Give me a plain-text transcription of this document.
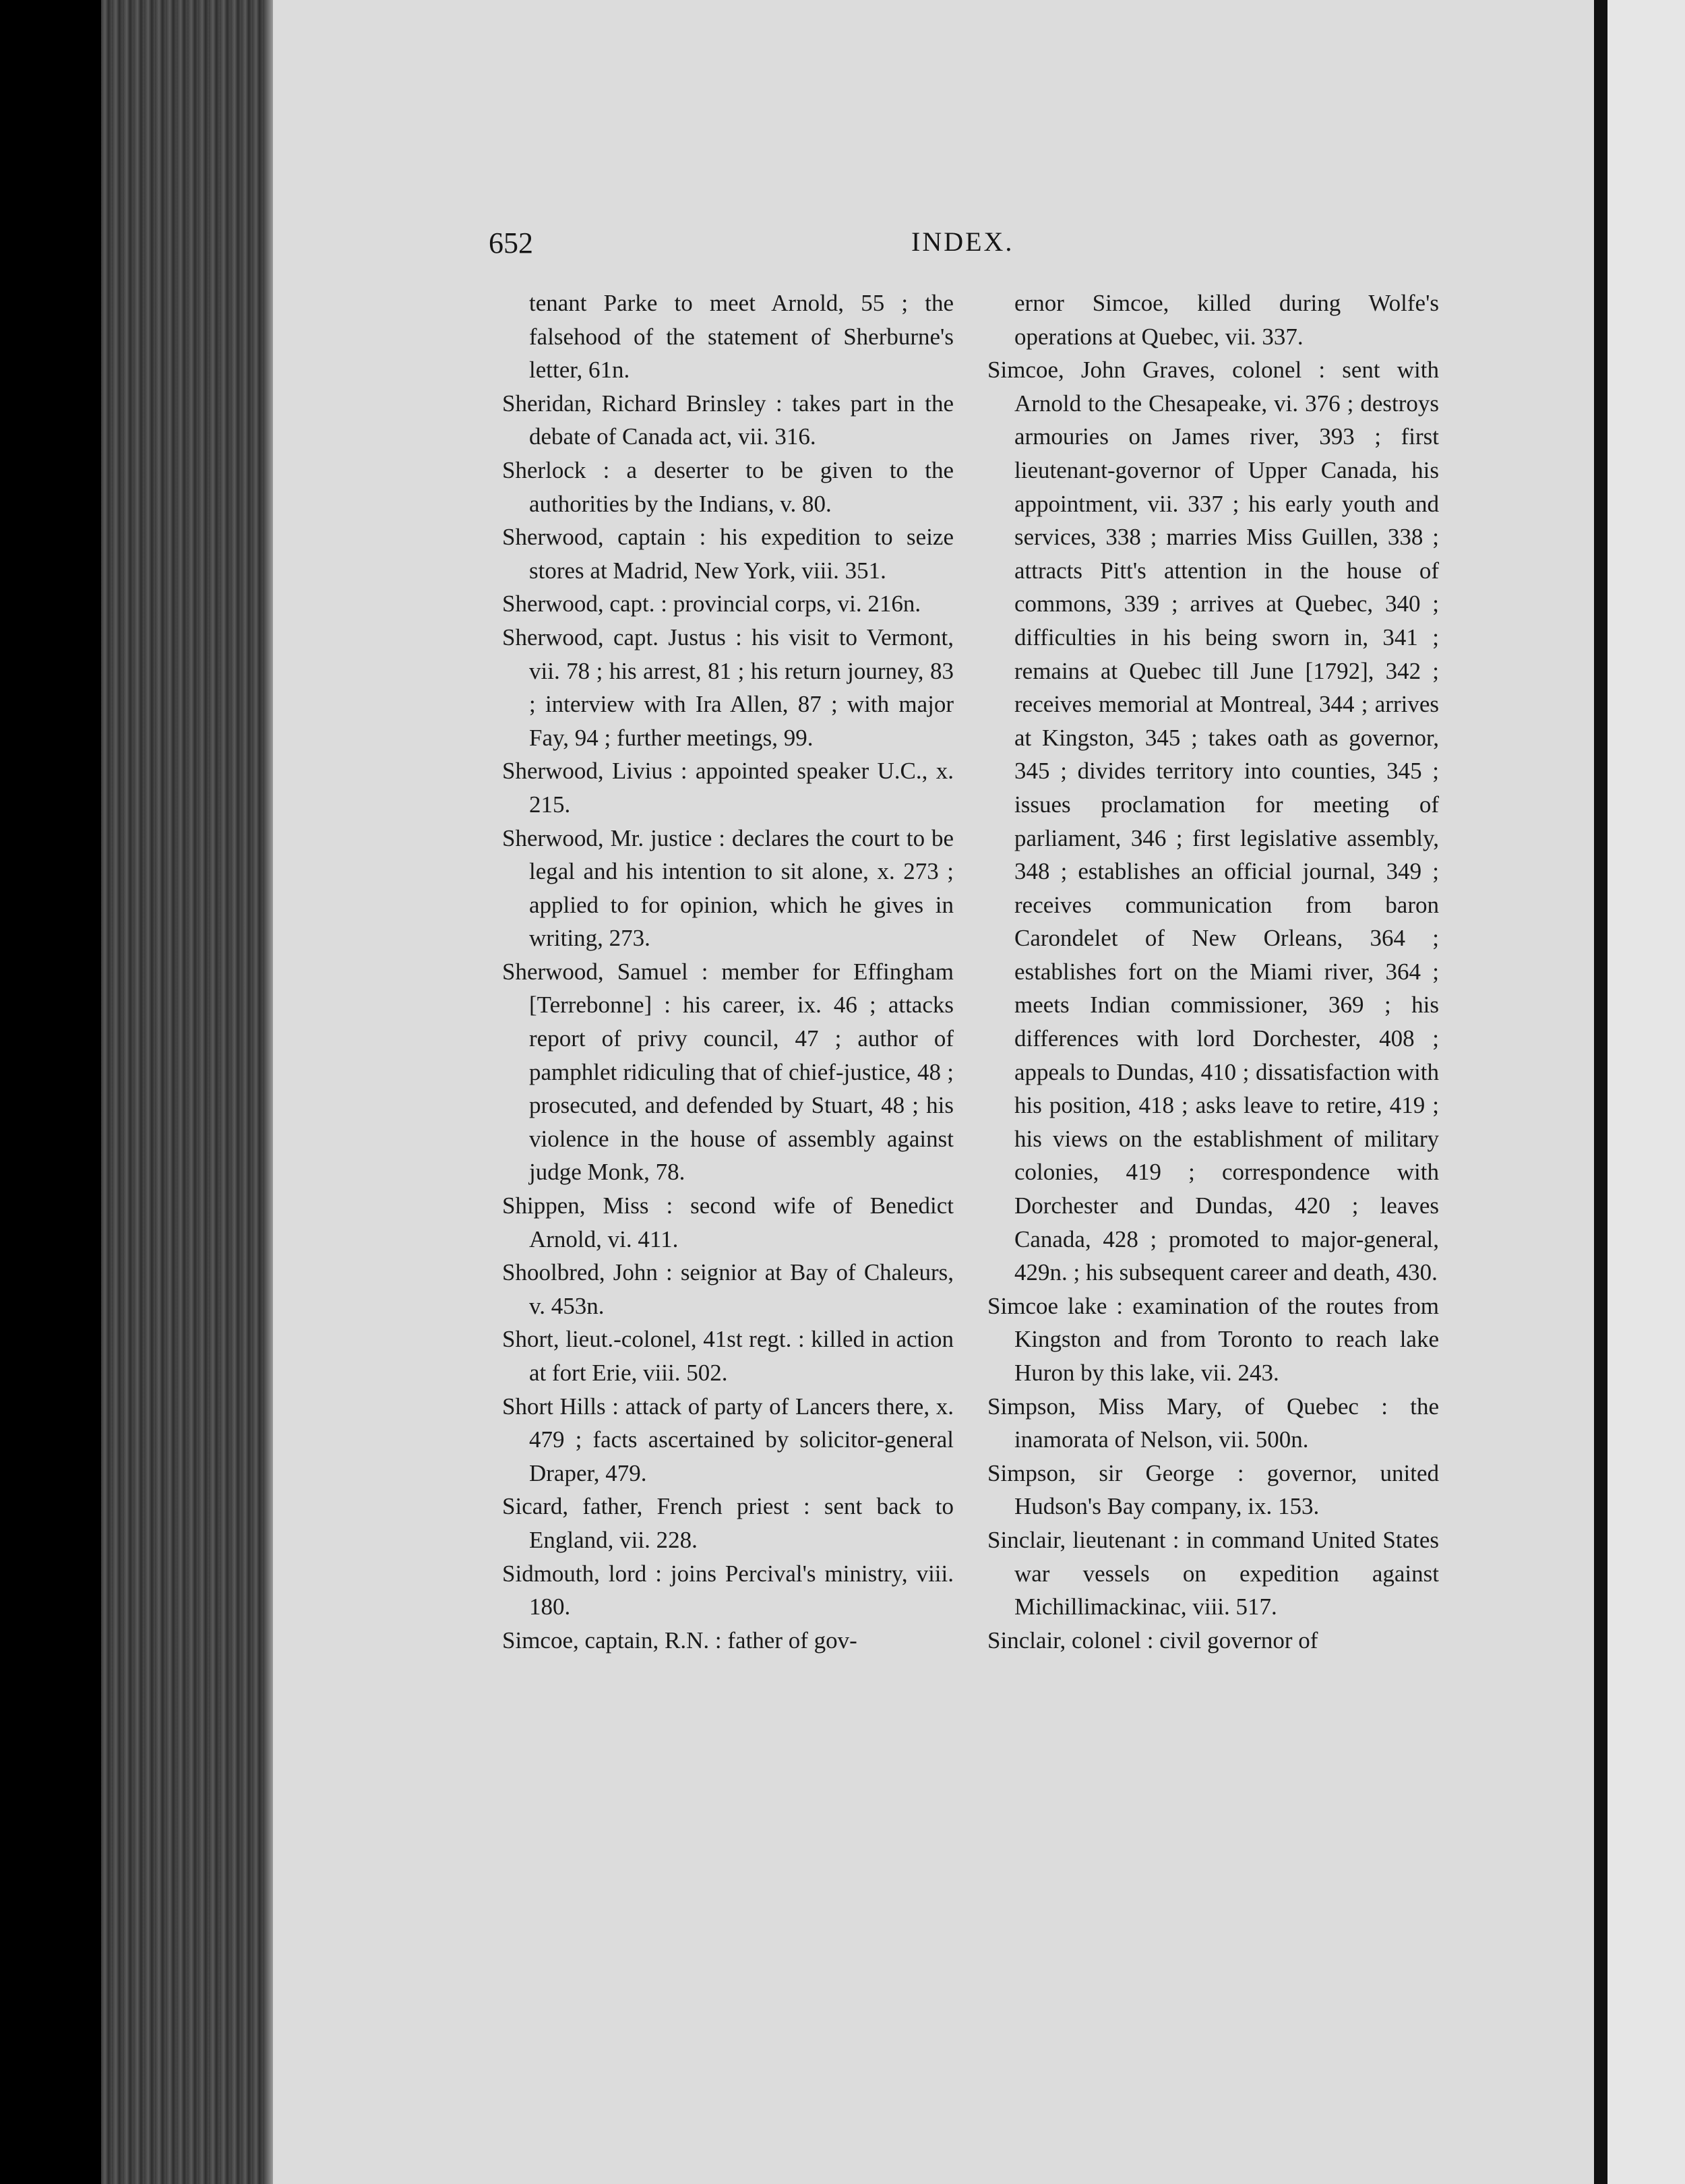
652	INDEX.

tenant Parke to meet Arnold, 55 ; the falsehood of the statement of Sherburne's letter, 61n.

Sheridan, Richard Brinsley : takes part in the debate of Canada act, vii. 316.

Sherlock : a deserter to be given to the authorities by the Indians, v. 80.

Sherwood, captain : his expedition to seize stores at Madrid, New York, viii. 351.

Sherwood, capt. : provincial corps, vi. 216n.

Sherwood, capt. Justus : his visit to Vermont, vii. 78 ; his arrest, 81 ; his return journey, 83 ; interview with Ira Allen, 87 ; with major Fay, 94 ; further meetings, 99.

Sherwood, Livius : appointed speaker U.C., x. 215.

Sherwood, Mr. justice : declares the court to be legal and his intention to sit alone, x. 273 ; applied to for opinion, which he gives in writing, 273.

Sherwood, Samuel : member for Effingham [Terrebonne] : his career, ix. 46 ; attacks report of privy council, 47 ; author of pamphlet ridiculing that of chief-justice, 48 ; prosecuted, and defended by Stuart, 48 ; his violence in the house of assembly against judge Monk, 78.

Shippen, Miss : second wife of Benedict Arnold, vi. 411.

Shoolbred, John : seignior at Bay of Chaleurs, v. 453n.

Short, lieut.-colonel, 41st regt. : killed in action at fort Erie, viii. 502.

Short Hills : attack of party of Lancers there, x. 479 ; facts ascertained by solicitor-general Draper, 479.

Sicard, father, French priest : sent back to England, vii. 228.

Sidmouth, lord : joins Percival's ministry, viii. 180.

Simcoe, captain, R.N. : father of gov-

ernor Simcoe, killed during Wolfe's operations at Quebec, vii. 337.

Simcoe, John Graves, colonel : sent with Arnold to the Chesapeake, vi. 376 ; destroys armouries on James river, 393 ; first lieutenant-governor of Upper Canada, his appointment, vii. 337 ; his early youth and services, 338 ; marries Miss Guillen, 338 ; attracts Pitt's attention in the house of commons, 339 ; arrives at Quebec, 340 ; difficulties in his being sworn in, 341 ; remains at Quebec till June [1792], 342 ; receives memorial at Montreal, 344 ; arrives at Kingston, 345 ; takes oath as governor, 345 ; divides territory into counties, 345 ; issues proclamation for meeting of parliament, 346 ; first legislative assembly, 348 ; establishes an official journal, 349 ; receives communication from baron Carondelet of New Orleans, 364 ; establishes fort on the Miami river, 364 ; meets Indian commissioner, 369 ; his differences with lord Dorchester, 408 ; appeals to Dundas, 410 ; dissatisfaction with his position, 418 ; asks leave to retire, 419 ; his views on the establishment of military colonies, 419 ; correspondence with Dorchester and Dundas, 420 ; leaves Canada, 428 ; promoted to major-general, 429n. ; his subsequent career and death, 430.

Simcoe lake : examination of the routes from Kingston and from Toronto to reach lake Huron by this lake, vii. 243.

Simpson, Miss Mary, of Quebec : the inamorata of Nelson, vii. 500n.

Simpson, sir George : governor, united Hudson's Bay company, ix. 153.

Sinclair, lieutenant : in command United States war vessels on expedition against Michillimackinac, viii. 517.

Sinclair, colonel : civil governor of
